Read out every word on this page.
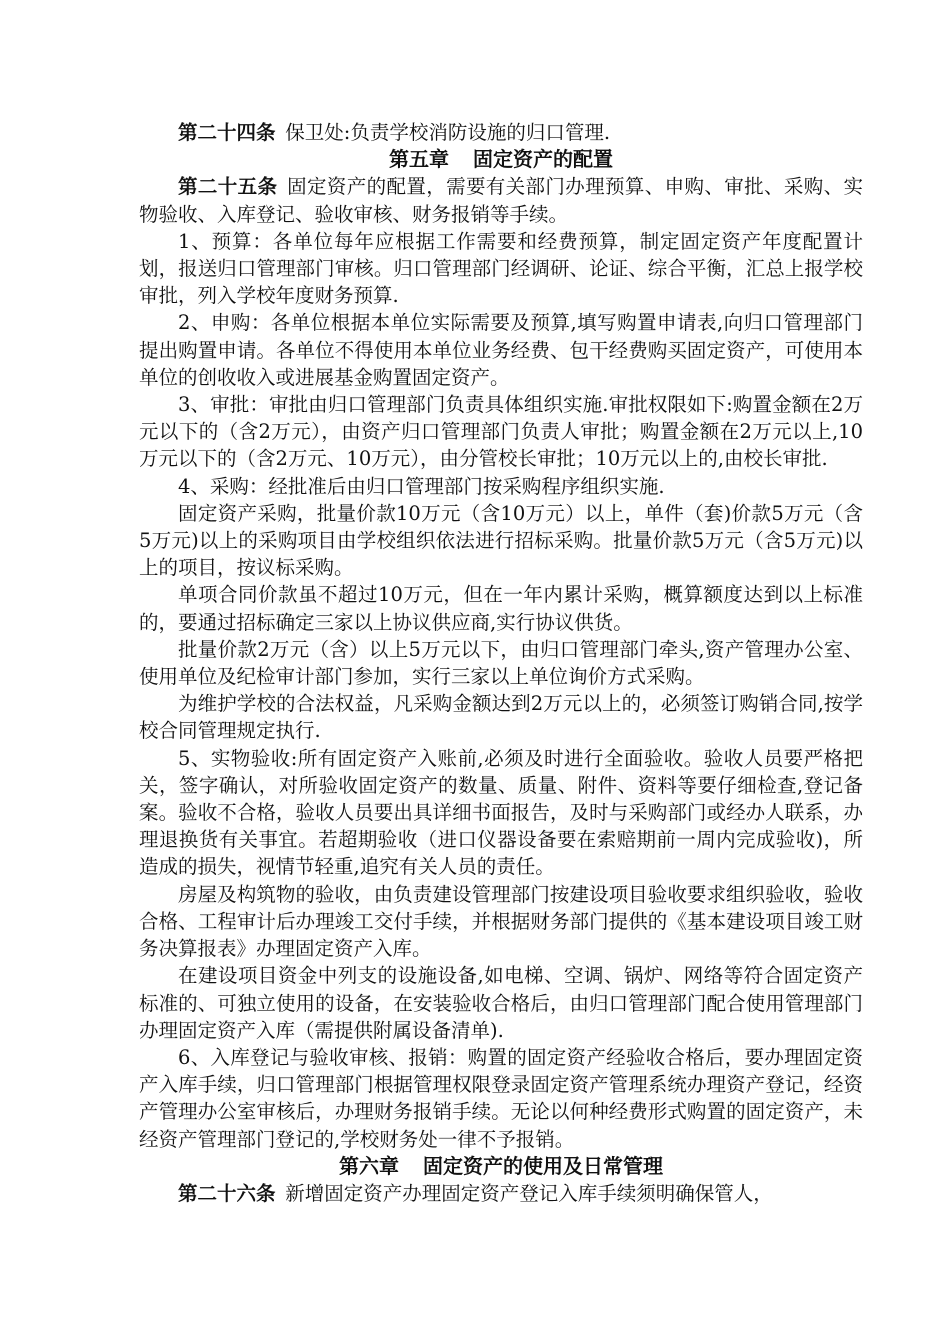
第二十四条 保卫处:负责学校消防设施的归口管理.

第五章 固定资产的配置

第二十五条 固定资产的配置，需要有关部门办理预算、申购、审批、采购、实物验收、入库登记、验收审核、财务报销等手续。

1、预算：各单位每年应根据工作需要和经费预算，制定固定资产年度配置计划，报送归口管理部门审核。归口管理部门经调研、论证、综合平衡，汇总上报学校审批，列入学校年度财务预算.

2、申购：各单位根据本单位实际需要及预算,填写购置申请表,向归口管理部门提出购置申请。各单位不得使用本单位业务经费、包干经费购买固定资产，可使用本单位的创收收入或进展基金购置固定资产。

3、审批：审批由归口管理部门负责具体组织实施.审批权限如下:购置金额在2万元以下的（含2万元），由资产归口管理部门负责人审批；购置金额在2万元以上,10万元以下的（含2万元、10万元），由分管校长审批；10万元以上的,由校长审批.

4、采购：经批准后由归口管理部门按采购程序组织实施.

固定资产采购，批量价款10万元（含10万元）以上，单件（套)价款5万元（含5万元)以上的采购项目由学校组织依法进行招标采购。批量价款5万元（含5万元)以上的项目，按议标采购。

单项合同价款虽不超过10万元，但在一年内累计采购，概算额度达到以上标准的，要通过招标确定三家以上协议供应商,实行协议供货。

批量价款2万元（含）以上5万元以下，由归口管理部门牵头,资产管理办公室、使用单位及纪检审计部门参加，实行三家以上单位询价方式采购。

为维护学校的合法权益，凡采购金额达到2万元以上的，必须签订购销合同,按学校合同管理规定执行.

5、实物验收:所有固定资产入账前,必须及时进行全面验收。验收人员要严格把关，签字确认，对所验收固定资产的数量、质量、附件、资料等要仔细检查,登记备案。验收不合格，验收人员要出具详细书面报告，及时与采购部门或经办人联系，办理退换货有关事宜。若超期验收（进口仪器设备要在索赔期前一周内完成验收)，所造成的损失，视情节轻重,追究有关人员的责任。

房屋及构筑物的验收，由负责建设管理部门按建设项目验收要求组织验收，验收合格、工程审计后办理竣工交付手续，并根据财务部门提供的《基本建设项目竣工财务决算报表》办理固定资产入库。

在建设项目资金中列支的设施设备,如电梯、空调、锅炉、网络等符合固定资产标准的、可独立使用的设备，在安装验收合格后，由归口管理部门配合使用管理部门办理固定资产入库（需提供附属设备清单).

6、入库登记与验收审核、报销：购置的固定资产经验收合格后，要办理固定资产入库手续，归口管理部门根据管理权限登录固定资产管理系统办理资产登记，经资产管理办公室审核后，办理财务报销手续。无论以何种经费形式购置的固定资产，未经资产管理部门登记的,学校财务处一律不予报销。

第六章 固定资产的使用及日常管理

第二十六条 新增固定资产办理固定资产登记入库手续须明确保管人，
